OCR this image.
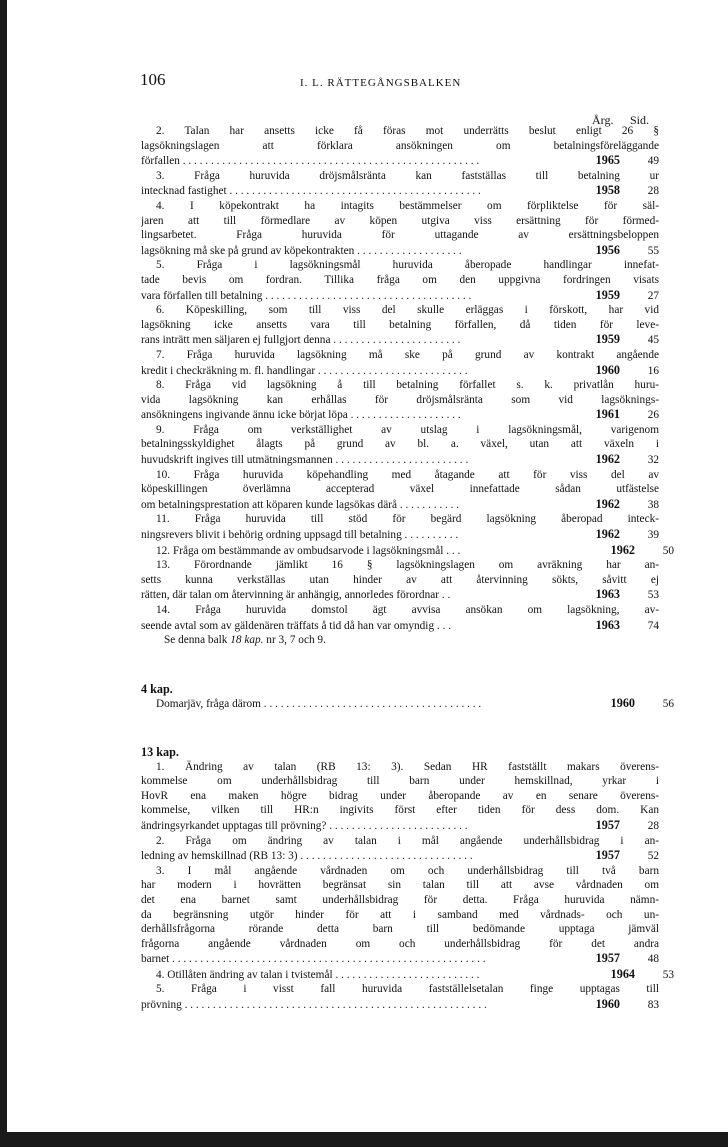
106	I. L. RÄTTEGÅNGSBALKEN
Årg. Sid.
2. Talan har ansetts icke få föras mot underrätts beslut enligt 26 §
lagsökningslagen att förklara ansökningen om betalningsföreläggande
förfallen . . . . . . . . . . . . . . . . . . . . . . . . . . . . . . . . . . . . . . . . . . . . . . . . . . . . .	1965	49
3. Fråga huruvida dröjsmålsränta kan fastställas till betalning ur
intecknad fastighet . . . . . . . . . . . . . . . . . . . . . . . . . . . . . . . . . . . . . . . . . . . . .	1958	28
4. I köpekontrakt ha intagits bestämmelser om förpliktelse för säl-
jaren att till förmedlare av köpen utgiva viss ersättning för förmed-
lingsarbetet. Fråga huruvida för uttagande av ersättningsbeloppen
lagsökning må ske på grund av köpekontrakten . . . . . . . . . . . . . . . . . . .	1956	55
5. Fråga i lagsökningsmål huruvida åberopade handlingar innefat-
tade bevis om fordran. Tillika fråga om den uppgivna fordringen visats
vara förfallen till betalning . . . . . . . . . . . . . . . . . . . . . . . . . . . . . . . . . . . . .	1959	27
6. Köpeskilling, som till viss del skulle erläggas i förskott, har vid
lagsökning icke ansetts vara till betalning förfallen, då tiden för leve-
rans inträtt men säljaren ej fullgjort denna . . . . . . . . . . . . . . . . . . . . . . .	1959	45
7. Fråga huruvida lagsökning må ske på grund av kontrakt angående
kredit i checkräkning m. fl. handlingar . . . . . . . . . . . . . . . . . . . . . . . . . . .	1960	16
8. Fråga vid lagsökning å till betalning förfallet s. k. privatlån huru-
vida lagsökning kan erhållas för dröjsmålsränta som vid lagsöknings-
ansökningens ingivande ännu icke börjat löpa . . . . . . . . . . . . . . . . . . . .	1961	26
9. Fråga om verkställighet av utslag i lagsökningsmål, varigenom
betalningsskyldighet ålagts på grund av bl. a. växel, utan att växeln i
huvudskrift ingives till utmätningsmannen . . . . . . . . . . . . . . . . . . . . . . . .	1962	32
10. Fråga huruvida köpehandling med åtagande att för viss del av
köpeskillingen överlämna accepterad växel innefattade sådan utfästelse
om betalningsprestation att köparen kunde lagsökas därå . . . . . . . . . . .	1962	38
11. Fråga huruvida till stöd för begärd lagsökning åberopad inteck-
ningsrevers blivit i behörig ordning uppsagd till betalning . . . . . . . . . .	1962	39
12. Fråga om bestämmande av ombudsarvode i lagsökningsmål . . .	1962	50
13. Förordnande jämlikt 16 § lagsökningslagen om avräkning har an-
setts kunna verkställas utan hinder av att återvinning sökts, såvitt ej
rätten, där talan om återvinning är anhängig, annorledes förordnar . .	1963	53
14. Fråga huruvida domstol ägt avvisa ansökan om lagsökning, av-
seende avtal som av gäldenären träffats å tid då han var omyndig . . .	1963	74
Se denna balk 18 kap. nr 3, 7 och 9.
4 kap.
Domarjäv, fråga därom . . . . . . . . . . . . . . . . . . . . . . . . . . . . . . . . . . . . . . .	1960	56
13 kap.
1. Ändring av talan (RB 13: 3). Sedan HR fastställt makars överens-
kommelse om underhållsbidrag till barn under hemskillnad, yrkar i
HovR ena maken högre bidrag under åberopande av en senare överens-
kommelse, vilken till HR:n ingivits först efter tiden för dess dom. Kan
ändringsyrkandet upptagas till prövning? . . . . . . . . . . . . . . . . . . . . . . . . .	1957	28
2. Fråga om ändring av talan i mål angående underhållsbidrag i an-
ledning av hemskillnad (RB 13: 3) . . . . . . . . . . . . . . . . . . . . . . . . . . . . . . .	1957	52
3. I mål angående vårdnaden om och underhållsbidrag till två barn
har modern i hovrätten begränsat sin talan till att avse vårdnaden om
det ena barnet samt underhållsbidrag för detta. Fråga huruvida nämn-
da begränsning utgör hinder för att i samband med vårdnads- och un-
derhållsfrågorna rörande detta barn till bedömande upptaga jämväl
frågorna angående vårdnaden om och underhållsbidrag för det andra
barnet . . . . . . . . . . . . . . . . . . . . . . . . . . . . . . . . . . . . . . . . . . . . . . . . . . . . . . . .	1957	48
4. Otillåten ändring av talan i tvistemål . . . . . . . . . . . . . . . . . . . . . . . . . .	1964	53
5. Fråga i visst fall huruvida fastställelsetalan finge upptagas till
prövning . . . . . . . . . . . . . . . . . . . . . . . . . . . . . . . . . . . . . . . . . . . . . . . . . . . . . .	1960	83
